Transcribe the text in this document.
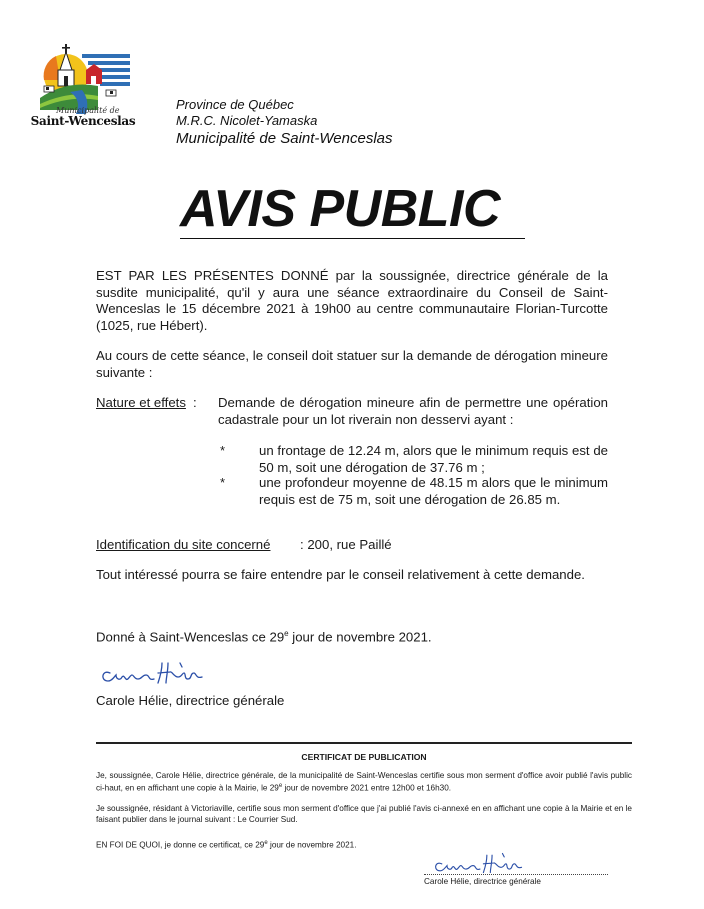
Municipalité de
Saint-Wenceslas
Province de Québec
M.R.C. Nicolet-Yamaska
Municipalité de Saint-Wenceslas
AVIS PUBLIC
EST PAR LES PRÉSENTES DONNÉ par la soussignée, directrice générale de la susdite municipalité, qu'il y aura une séance extraordinaire du Conseil de Saint-Wenceslas le 15 décembre 2021 à 19h00 au centre communautaire Florian-Turcotte (1025, rue Hébert).
Au cours de cette séance, le conseil doit statuer sur la demande de dérogation mineure suivante :
Nature et effets : Demande de dérogation mineure afin de permettre une opération cadastrale pour un lot riverain non desservi ayant :
*	un frontage de 12.24 m, alors que le minimum requis est de 50 m, soit une dérogation de 37.76 m ;
*	une profondeur moyenne de 48.15 m alors que le minimum requis est de 75 m, soit une dérogation de 26.85 m.
Identification du site concerné : 200, rue Paillé
Tout intéressé pourra se faire entendre par le conseil relativement à cette demande.
Donné à Saint-Wenceslas ce 29e jour de novembre 2021.
Carole Hélie, directrice générale
CERTIFICAT DE PUBLICATION
Je, soussignée, Carole Hélie, directrice générale, de la municipalité de Saint-Wenceslas certifie sous mon serment d'office avoir publié l'avis public ci-haut, en en affichant une copie à la Mairie, le 29e jour de novembre 2021 entre 12h00 et 16h30.
Je soussignée, résidant à Victoriaville, certifie sous mon serment d'office que j'ai publié l'avis ci-annexé en en affichant une copie à la Mairie et en le faisant publier dans le journal suivant : Le Courrier Sud.
EN FOI DE QUOI, je donne ce certificat, ce 29e jour de novembre 2021.
Carole Hélie, directrice générale
